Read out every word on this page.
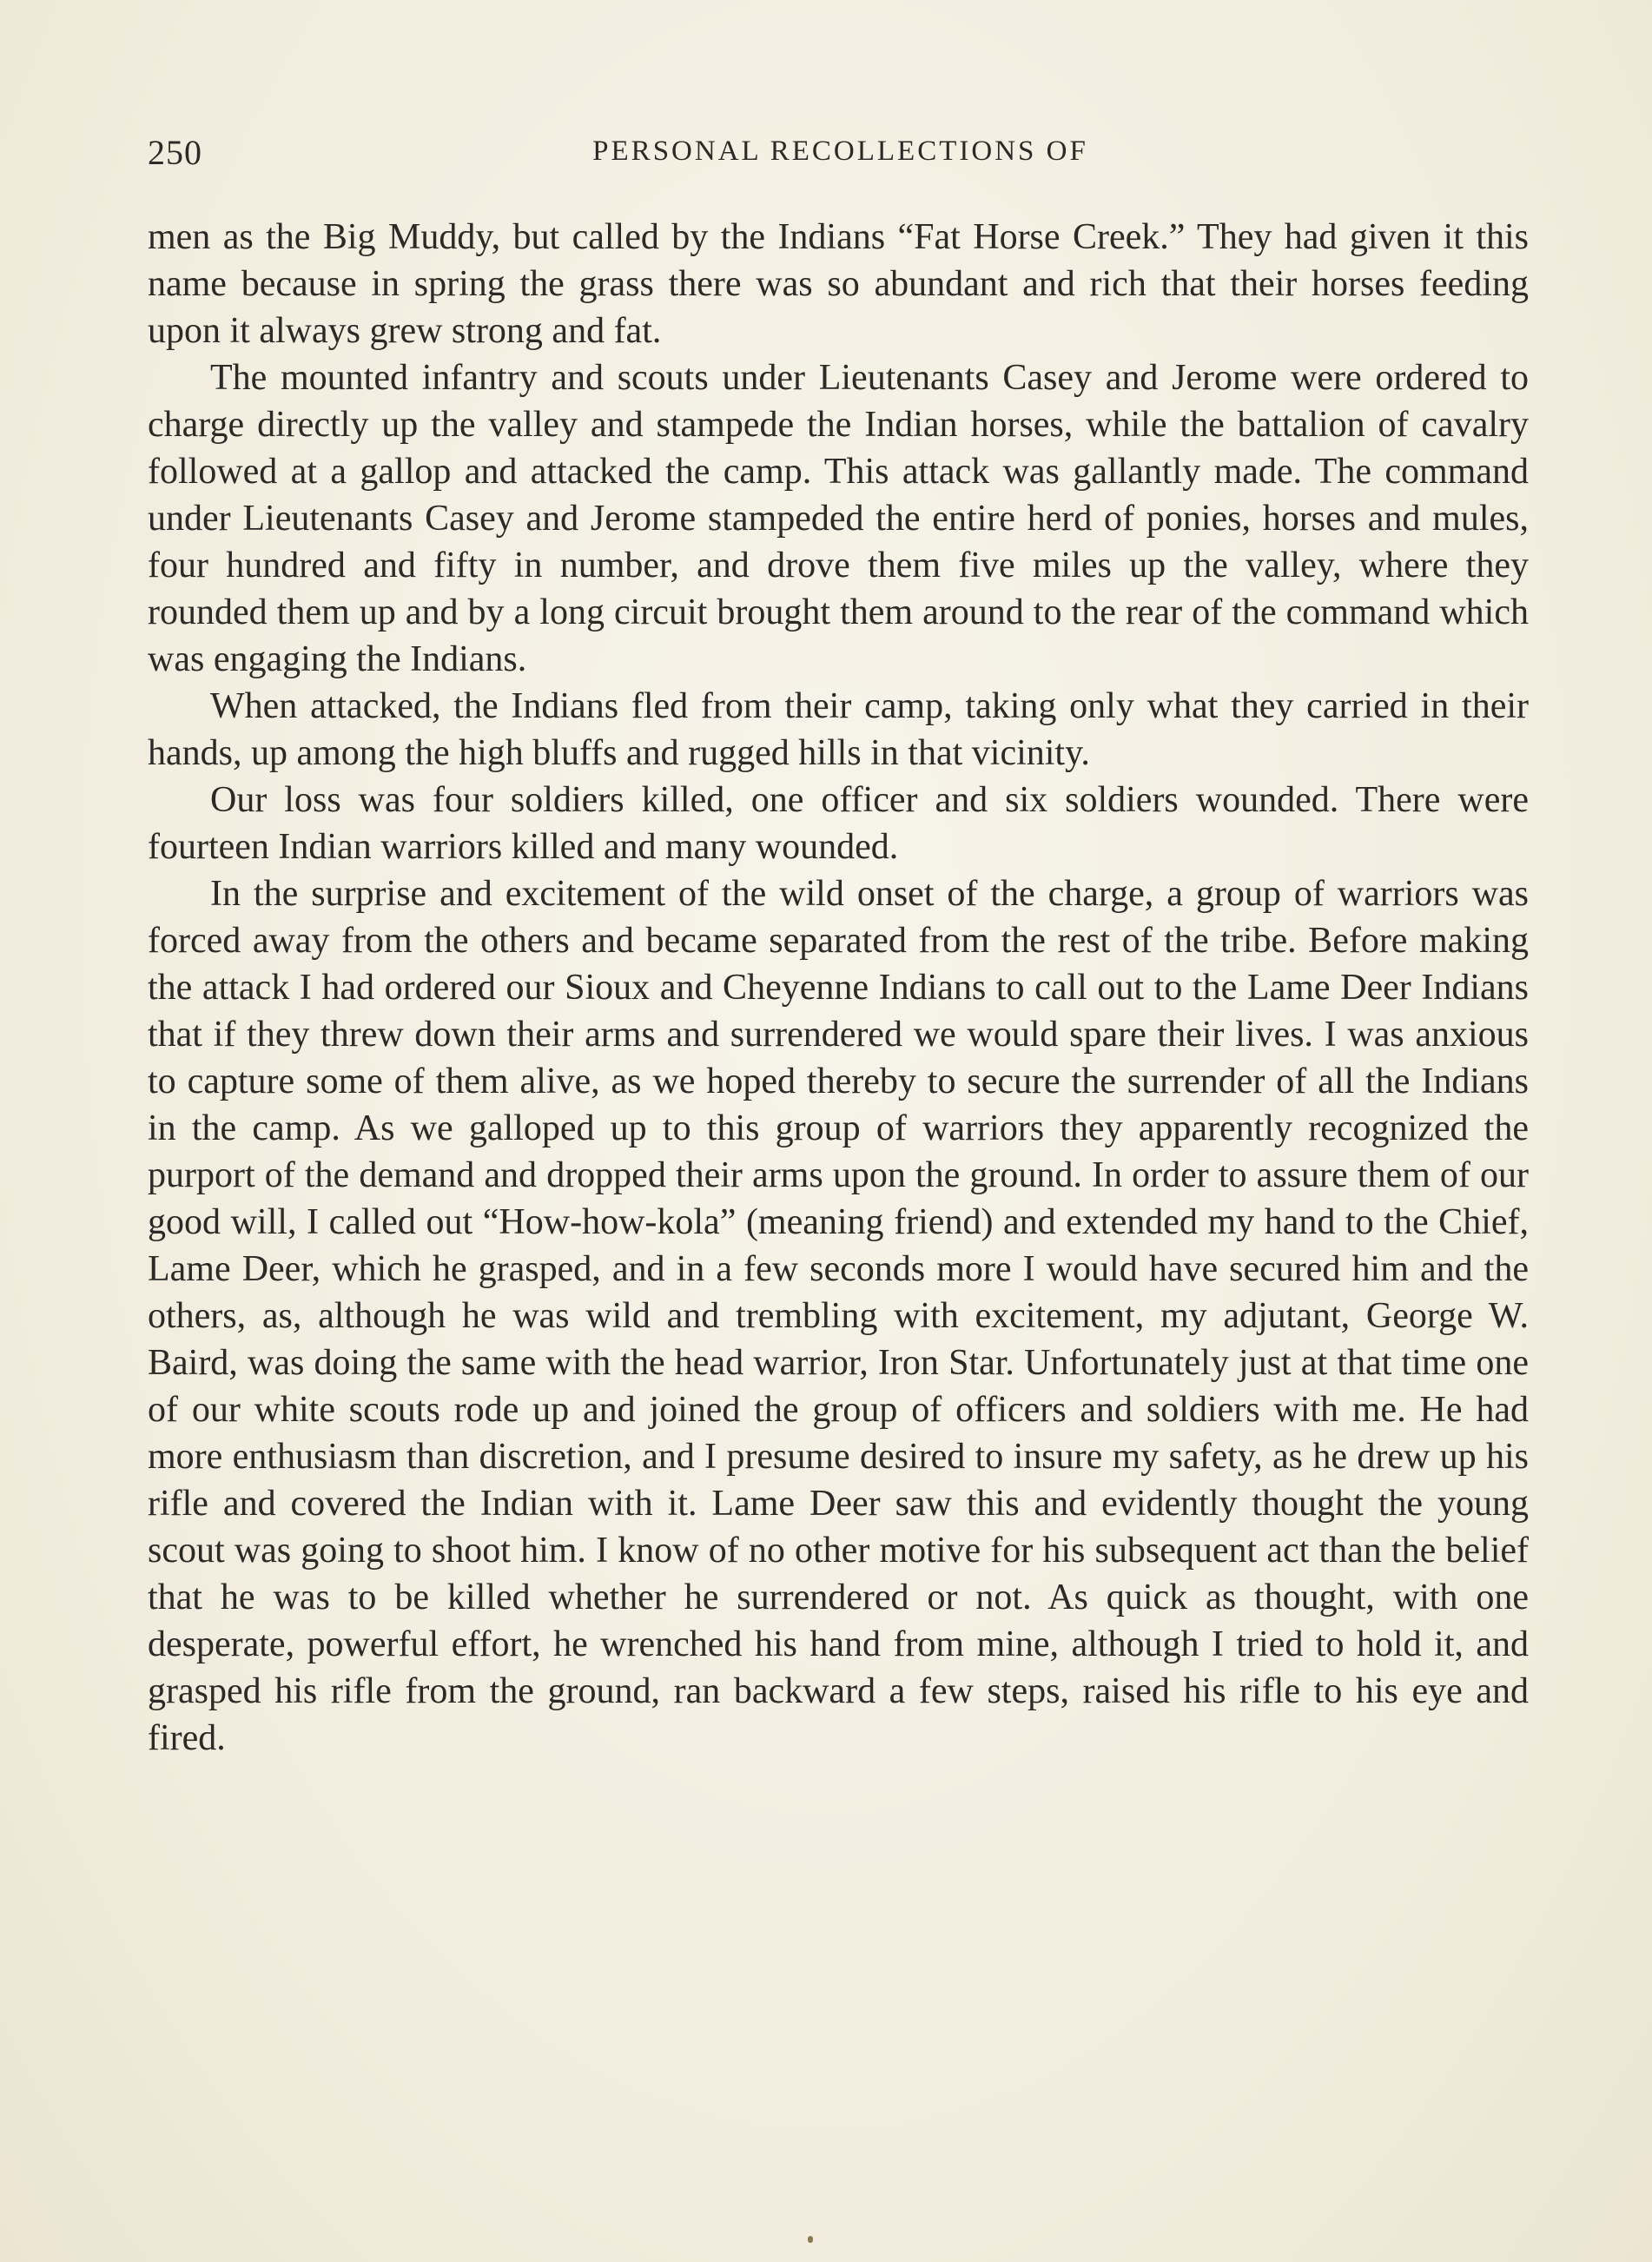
250	PERSONAL RECOLLECTIONS OF

men as the Big Muddy, but called by the Indians “Fat Horse Creek.” They had given it this name because in spring the grass there was so abundant and rich that their horses feeding upon it always grew strong and fat.

The mounted infantry and scouts under Lieutenants Casey and Jerome were ordered to charge directly up the valley and stampede the Indian horses, while the battalion of cavalry followed at a gallop and attacked the camp. This attack was gallantly made. The command under Lieutenants Casey and Jerome stampeded the entire herd of ponies, horses and mules, four hundred and fifty in number, and drove them five miles up the valley, where they rounded them up and by a long circuit brought them around to the rear of the command which was engaging the Indians.

When attacked, the Indians fled from their camp, taking only what they carried in their hands, up among the high bluffs and rugged hills in that vicinity.

Our loss was four soldiers killed, one officer and six soldiers wounded. There were fourteen Indian warriors killed and many wounded.

In the surprise and excitement of the wild onset of the charge, a group of warriors was forced away from the others and became separated from the rest of the tribe. Before making the attack I had ordered our Sioux and Cheyenne Indians to call out to the Lame Deer Indians that if they threw down their arms and surrendered we would spare their lives. I was anxious to capture some of them alive, as we hoped thereby to secure the surrender of all the Indians in the camp. As we galloped up to this group of warriors they apparently recognized the purport of the demand and dropped their arms upon the ground. In order to assure them of our good will, I called out “How-how-kola” (meaning friend) and extended my hand to the Chief, Lame Deer, which he grasped, and in a few seconds more I would have secured him and the others, as, although he was wild and trembling with excitement, my adjutant, George W. Baird, was doing the same with the head warrior, Iron Star. Unfortunately just at that time one of our white scouts rode up and joined the group of officers and soldiers with me. He had more enthusiasm than discretion, and I presume desired to insure my safety, as he drew up his rifle and covered the Indian with it. Lame Deer saw this and evidently thought the young scout was going to shoot him. I know of no other motive for his subsequent act than the belief that he was to be killed whether he surrendered or not. As quick as thought, with one desperate, powerful effort, he wrenched his hand from mine, although I tried to hold it, and grasped his rifle from the ground, ran backward a few steps, raised his rifle to his eye and fired.
